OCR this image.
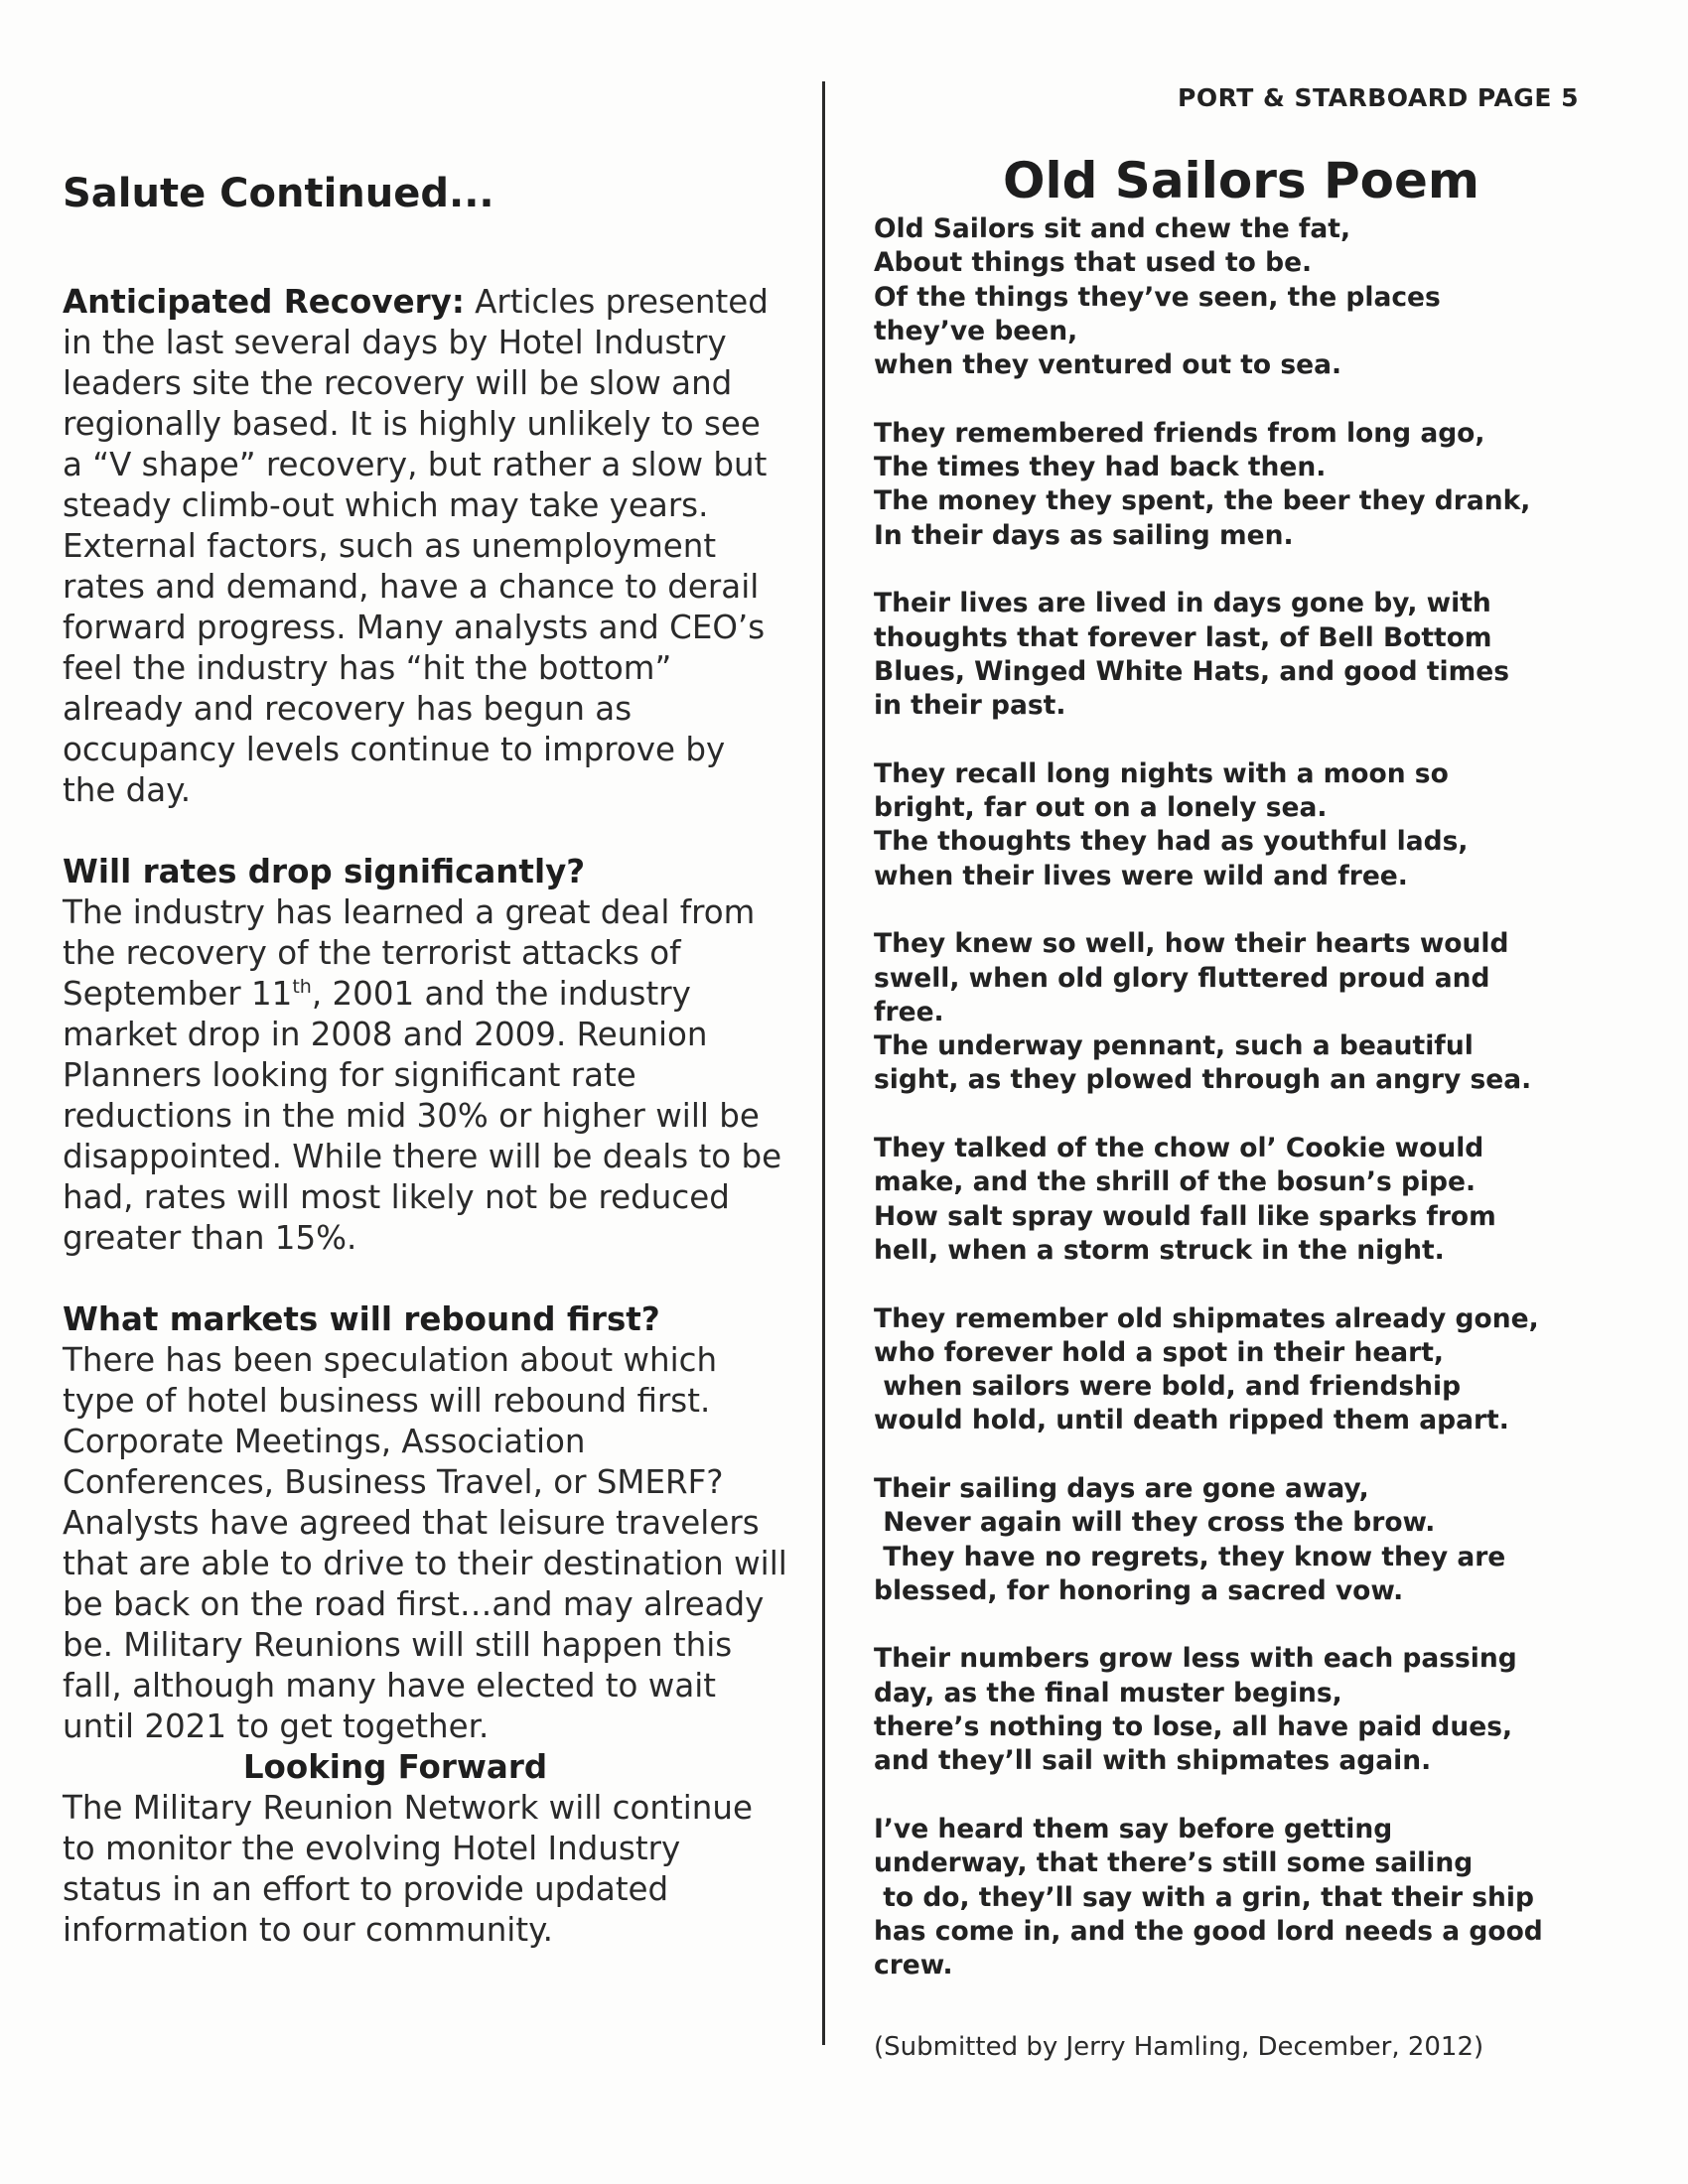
PORT & STARBOARD PAGE 5
Salute Continued...

Anticipated Recovery: Articles presented in the last several days by Hotel Industry leaders site the recovery will be slow and regionally based. It is highly unlikely to see a “V shape” recovery, but rather a slow but steady climb-out which may take years. External factors, such as unemployment rates and demand, have a chance to derail forward progress. Many analysts and CEO’s feel the industry has “hit the bottom” already and recovery has begun as occupancy levels continue to improve by the day.

Will rates drop significantly?

The industry has learned a great deal from the recovery of the terrorist attacks of September 11th, 2001 and the industry market drop in 2008 and 2009. Reunion Planners looking for significant rate reductions in the mid 30% or higher will be disappointed. While there will be deals to be had, rates will most likely not be reduced greater than 15%.

What markets will rebound first?

There has been speculation about which type of hotel business will rebound first. Corporate Meetings, Association Conferences, Business Travel, or SMERF? Analysts have agreed that leisure travelers that are able to drive to their destination will be back on the road first…and may already be. Military Reunions will still happen this fall, although many have elected to wait until 2021 to get together.

Looking Forward

The Military Reunion Network will continue to monitor the evolving Hotel Industry status in an effort to provide updated information to our community.

Old Sailors Poem
Old Sailors sit and chew the fat,
About things that used to be.
Of the things they’ve seen, the places
they’ve been,
when they ventured out to sea.
They remembered friends from long ago,
The times they had back then.
The money they spent, the beer they drank,
In their days as sailing men.
Their lives are lived in days gone by, with
thoughts that forever last, of Bell Bottom
Blues, Winged White Hats, and good times
in their past.
They recall long nights with a moon so
bright, far out on a lonely sea.
The thoughts they had as youthful lads,
when their lives were wild and free.
They knew so well, how their hearts would
swell, when old glory fluttered proud and
free.
The underway pennant, such a beautiful
sight, as they plowed through an angry sea.
They talked of the chow ol’ Cookie would
make, and the shrill of the bosun’s pipe.
How salt spray would fall like sparks from
hell, when a storm struck in the night.
They remember old shipmates already gone,
who forever hold a spot in their heart,
when sailors were bold, and friendship
would hold, until death ripped them apart.
Their sailing days are gone away,
Never again will they cross the brow.
They have no regrets, they know they are
blessed, for honoring a sacred vow.
Their numbers grow less with each passing
day, as the final muster begins,
there’s nothing to lose, all have paid dues,
and they’ll sail with shipmates again.
I’ve heard them say before getting
underway, that there’s still some sailing
to do, they’ll say with a grin, that their ship
has come in, and the good lord needs a good
crew.
(Submitted by Jerry Hamling, December, 2012)
